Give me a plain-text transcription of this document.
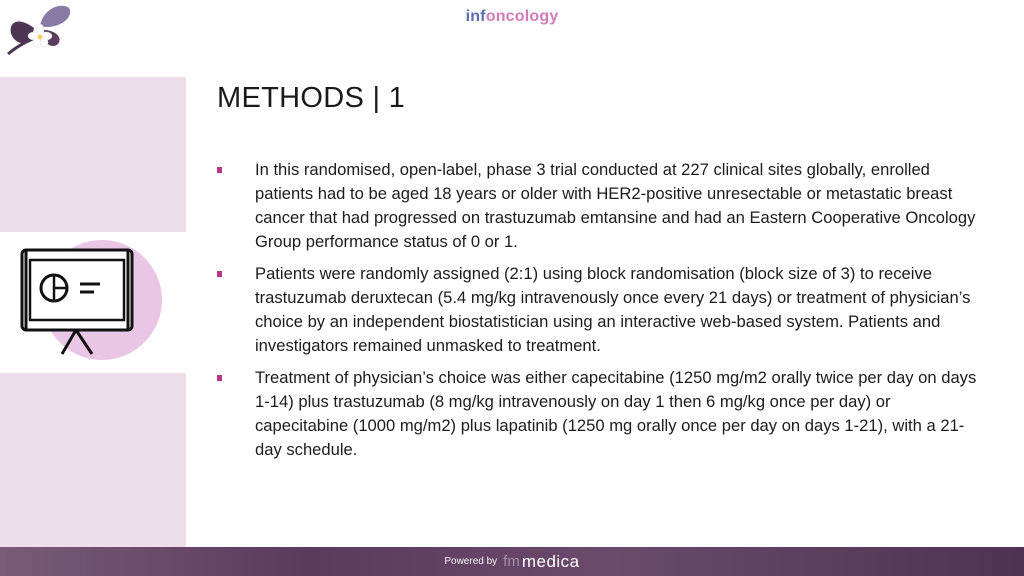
infoncology
METHODS | 1
In this randomised, open-label, phase 3 trial conducted at 227 clinical sites globally, enrolled patients had to be aged 18 years or older with HER2-positive unresectable or metastatic breast cancer that had progressed on trastuzumab emtansine and had an Eastern Cooperative Oncology Group performance status of 0 or 1.
Patients were randomly assigned (2:1) using block randomisation (block size of 3) to receive trastuzumab deruxtecan (5.4 mg/kg intravenously once every 21 days) or treatment of physician’s choice by an independent biostatistician using an interactive web-based system. Patients and investigators remained unmasked to treatment.
Treatment of physician’s choice was either capecitabine (1250 mg/m2 orally twice per day on days 1-14) plus trastuzumab (8 mg/kg intravenously on day 1 then 6 mg/kg once per day) or capecitabine (1000 mg/m2) plus lapatinib (1250 mg orally once per day on days 1-21), with a 21-day schedule.
Powered by fm medica
